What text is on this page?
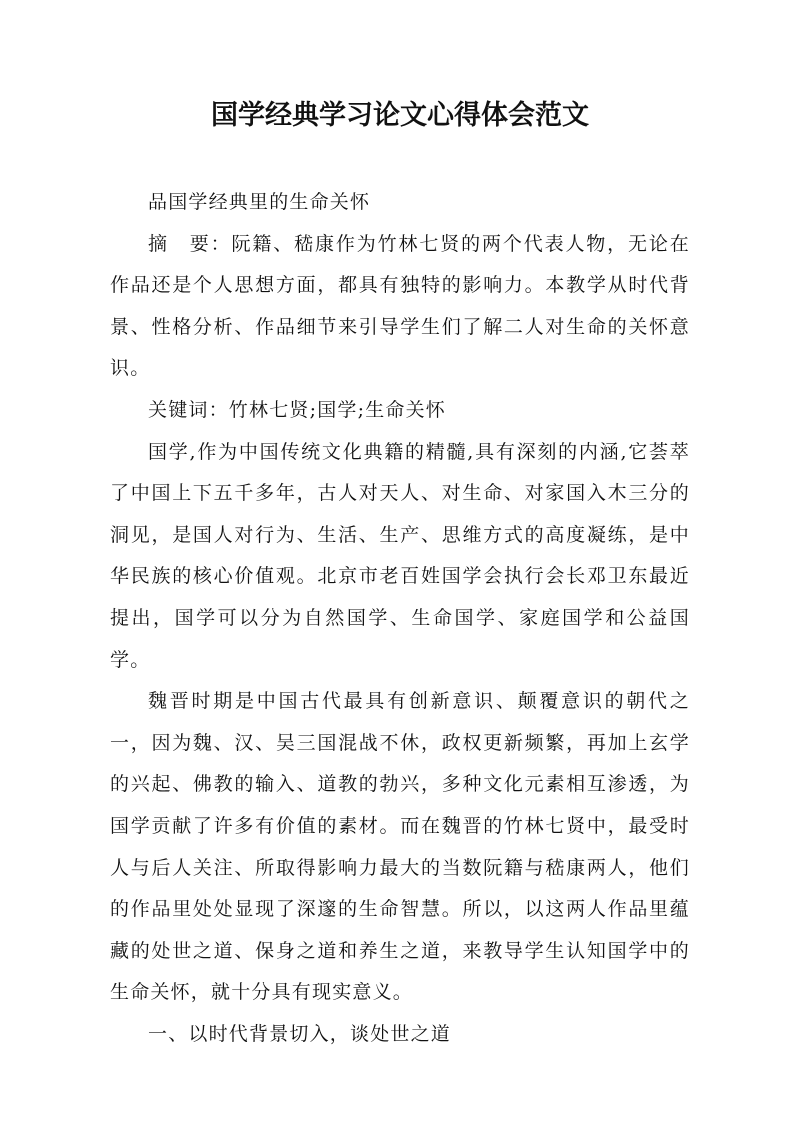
国学经典学习论文心得体会范文

品国学经典里的生命关怀

摘　要：阮籍、嵇康作为竹林七贤的两个代表人物，无论在作品还是个人思想方面，都具有独特的影响力。本教学从时代背景、性格分析、作品细节来引导学生们了解二人对生命的关怀意识。

关键词：竹林七贤;国学;生命关怀

国学,作为中国传统文化典籍的精髓,具有深刻的内涵,它荟萃了中国上下五千多年，古人对天人、对生命、对家国入木三分的洞见，是国人对行为、生活、生产、思维方式的高度凝练，是中华民族的核心价值观。北京市老百姓国学会执行会长邓卫东最近提出，国学可以分为自然国学、生命国学、家庭国学和公益国学。

魏晋时期是中国古代最具有创新意识、颠覆意识的朝代之一，因为魏、汉、吴三国混战不休，政权更新频繁，再加上玄学的兴起、佛教的输入、道教的勃兴，多种文化元素相互渗透，为国学贡献了许多有价值的素材。而在魏晋的竹林七贤中，最受时人与后人关注、所取得影响力最大的当数阮籍与嵇康两人，他们的作品里处处显现了深邃的生命智慧。所以，以这两人作品里蕴藏的处世之道、保身之道和养生之道，来教导学生认知国学中的生命关怀，就十分具有现实意义。

一、以时代背景切入，谈处世之道
